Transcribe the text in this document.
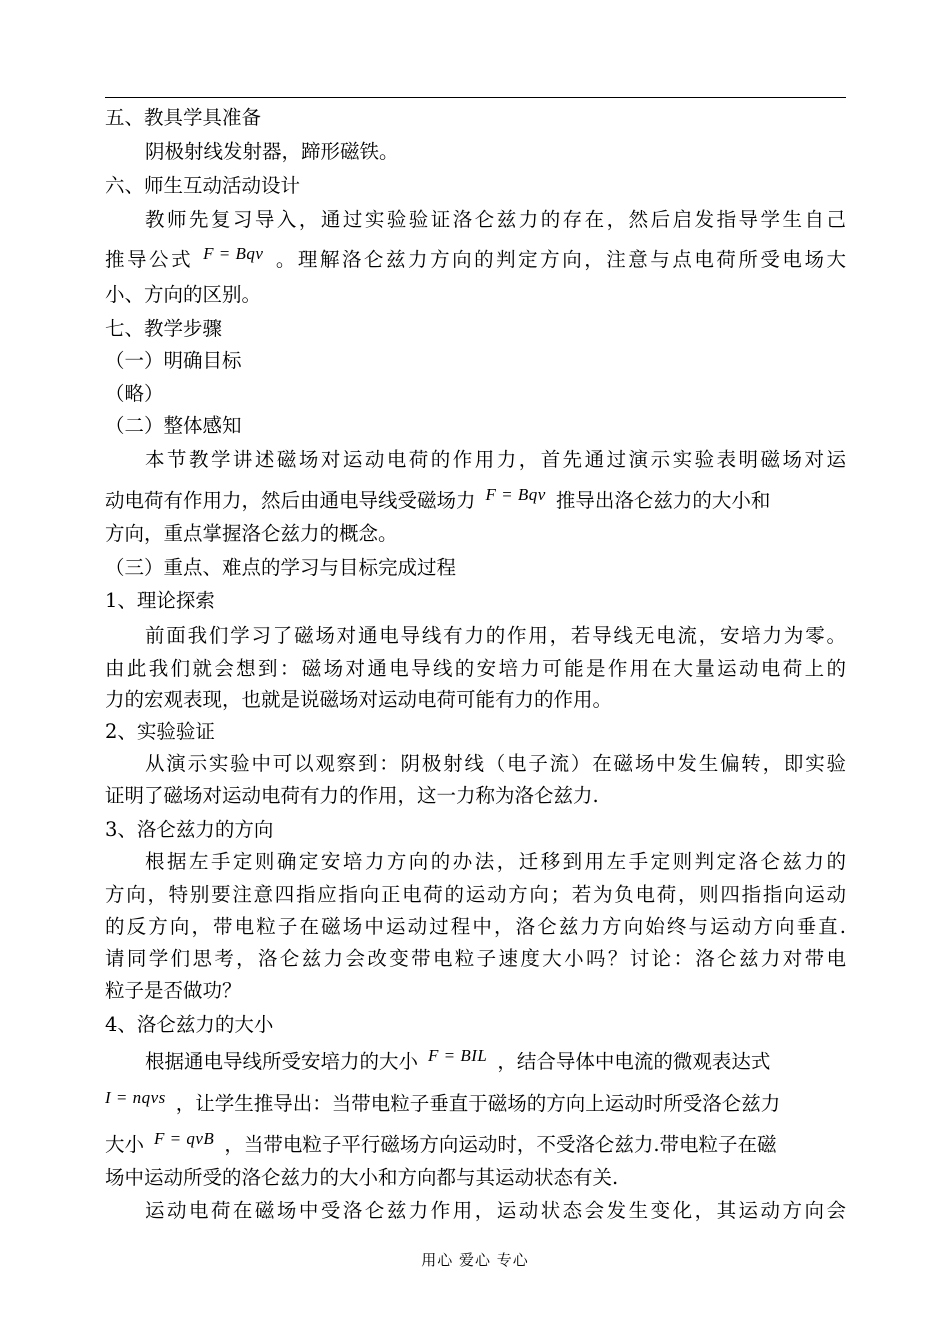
五、教具学具准备
阴极射线发射器，蹄形磁铁。
六、师生互动活动设计
教师先复习导入，通过实验验证洛仑兹力的存在，然后启发指导学生自己
推导公式 F = Bqv 。理解洛仑兹力方向的判定方向，注意与点电荷所受电场大
小、方向的区别。
七、教学步骤
（一）明确目标
（略）
（二）整体感知
本节教学讲述磁场对运动电荷的作用力，首先通过演示实验表明磁场对运
动电荷有作用力，然后由通电导线受磁场力 F = Bqv 推导出洛仑兹力的大小和
方向，重点掌握洛仑兹力的概念。
（三）重点、难点的学习与目标完成过程
1、理论探索
前面我们学习了磁场对通电导线有力的作用，若导线无电流，安培力为零。
由此我们就会想到：磁场对通电导线的安培力可能是作用在大量运动电荷上的
力的宏观表现，也就是说磁场对运动电荷可能有力的作用。
2、实验验证
从演示实验中可以观察到：阴极射线（电子流）在磁场中发生偏转，即实验
证明了磁场对运动电荷有力的作用，这一力称为洛仑兹力.
3、洛仑兹力的方向
根据左手定则确定安培力方向的办法，迁移到用左手定则判定洛仑兹力的
方向，特别要注意四指应指向正电荷的运动方向；若为负电荷，则四指指向运动
的反方向，带电粒子在磁场中运动过程中，洛仑兹力方向始终与运动方向垂直.
请同学们思考，洛仑兹力会改变带电粒子速度大小吗？讨论：洛仑兹力对带电
粒子是否做功？
4、洛仑兹力的大小
根据通电导线所受安培力的大小 F = BIL ，结合导体中电流的微观表达式
I = nqvs ，让学生推导出：当带电粒子垂直于磁场的方向上运动时所受洛仑兹力
大小 F = qvB ，当带电粒子平行磁场方向运动时，不受洛仑兹力.带电粒子在磁
场中运动所受的洛仑兹力的大小和方向都与其运动状态有关.
运动电荷在磁场中受洛仑兹力作用，运动状态会发生变化，其运动方向会
用心 爱心 专心
